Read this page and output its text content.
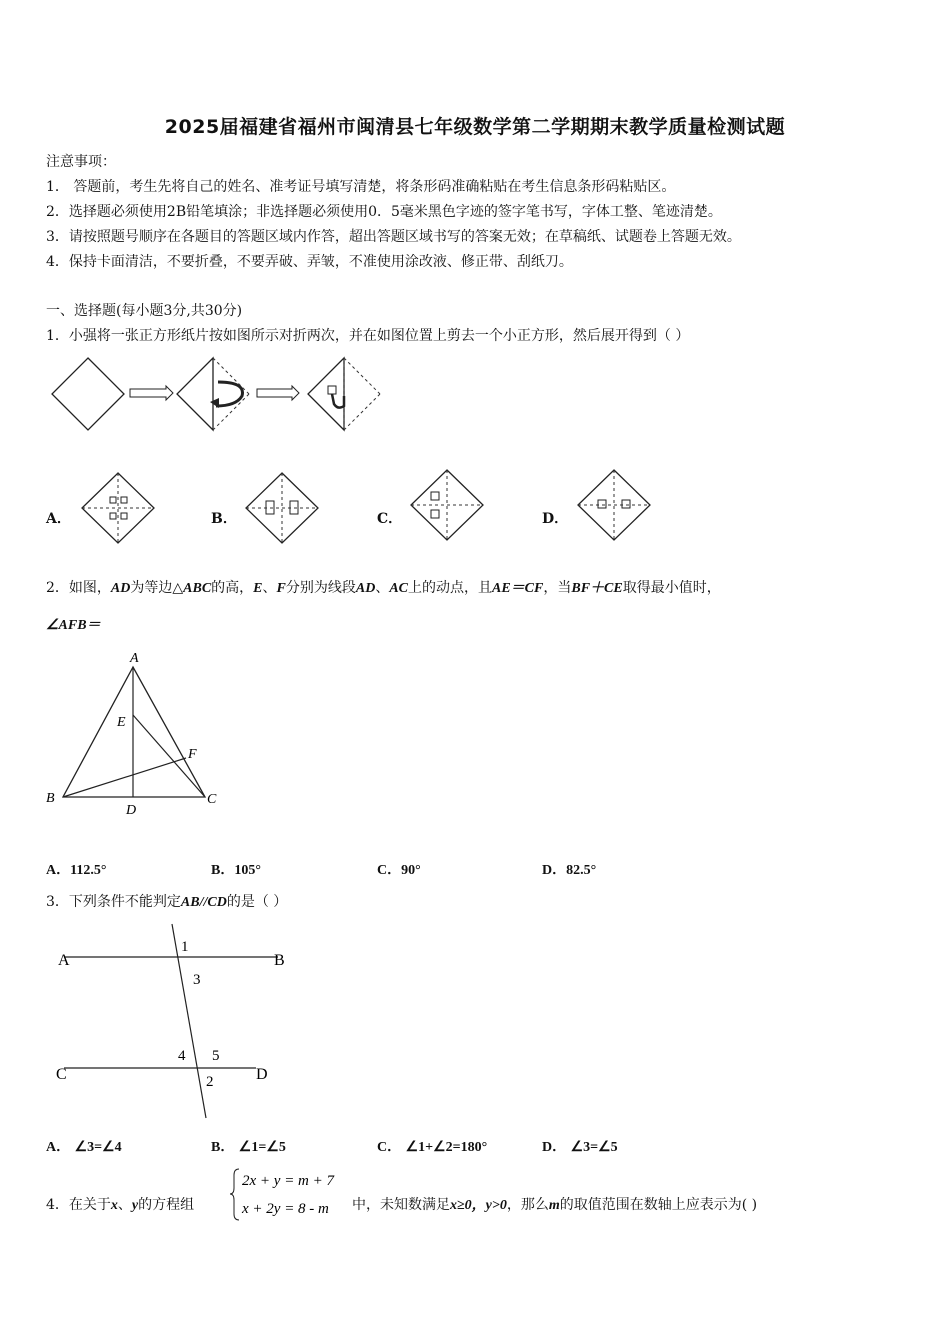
2025届福建省福州市闽清县七年级数学第二学期期末教学质量检测试题
注意事项：
1． 答题前，考生先将自己的姓名、准考证号填写清楚，将条形码准确粘贴在考生信息条形码粘贴区。
2．选择题必须使用2B铅笔填涂；非选择题必须使用0．5毫米黑色字迹的签字笔书写，字体工整、笔迹清楚。
3．请按照题号顺序在各题目的答题区域内作答，超出答题区域书写的答案无效；在草稿纸、试题卷上答题无效。
4．保持卡面清洁，不要折叠，不要弄破、弄皱，不准使用涂改液、修正带、刮纸刀。
一、选择题(每小题3分,共30分)
1．小强将一张正方形纸片按如图所示对折两次，并在如图位置上剪去一个小正方形，然后展开得到（ ）
A．	B．	C．	D．
2．如图，AD为等边△ABC的高，E、F分别为线段AD、AC上的动点，且AE＝CF，当BF＋CE取得最小值时，
∠AFB＝
A
B	C
D
E
F
A．112.5°	B．105°	C．90°	D．82.5°
3．下列条件不能判定AB//CD的是（ ）
A	B
C	D
1
3
4 5
2
A． ∠3=∠4	B． ∠1=∠5	C． ∠1+∠2=180°	D． ∠3=∠5
4．在关于x、y的方程组
2x + y = m + 7
x + 2y = 8 - m 中，未知数满足x≥0，y>0，那么m的取值范围在数轴上应表示为( )
